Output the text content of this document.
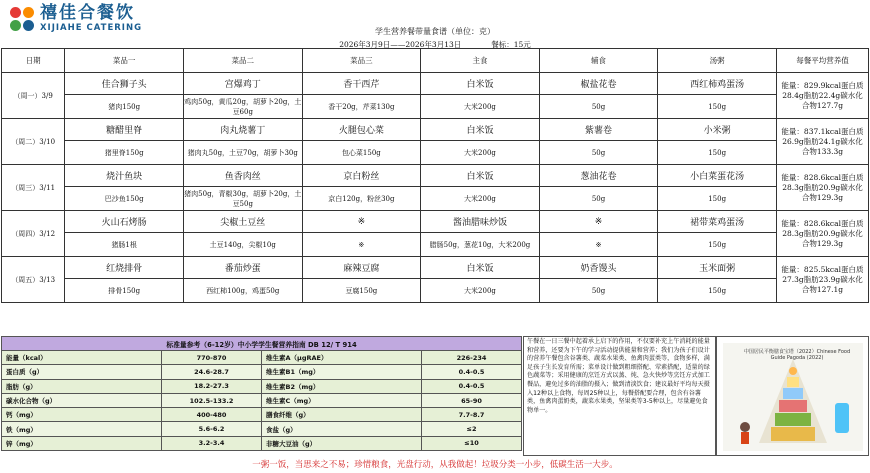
禧佳合餐饮
XIJIAHE CATERING	学生营养餐带量食谱（单位：克）
2026年3月9日——2026年3月13日	餐标：15元
日期	菜品一	菜品二	菜品三	主食	辅食	汤粥	每餐平均营养值
（周一）3/9	佳合狮子头	宫爆鸡丁	香干西芹	白米饭	椒盐花卷	西红柿鸡蛋汤	能量：829.9kcal蛋白质28.4g脂肪22.4g碳水化合物127.7g
	猪肉150g	鸡肉50g，黄瓜20g，胡萝卜20g，土豆60g	香干20g，芹菜130g	大米200g	50g	150g	
（周二）3/10	糖醋里脊	肉丸烧薯丁	火腿包心菜	白米饭	紫薯卷	小米粥	能量：837.1kcal蛋白质26.9g脂肪24.1g碳水化合物133.3g
	猪里脊150g	猪肉丸50g，土豆70g，胡萝卜30g	包心菜150g	大米200g	50g	150g	
（周三）3/11	烧汁鱼块	鱼香肉丝	京白粉丝	白米饭	葱油花卷	小白菜蛋花汤	能量：828.6kcal蛋白质28.3g脂肪20.9g碳水化合物129.3g
	巴沙鱼150g	猪肉50g，青椒30g，胡萝卜20g，土豆50g	京白120g，粉丝30g	大米200g	50g	150g	
（周四）3/12	火山石烤肠	尖椒土豆丝	※	酱油腊味炒饭	※	裙带菜鸡蛋汤	能量：828.6kcal蛋白质28.3g脂肪20.9g碳水化合物129.3g
	猪肠1根	土豆140g，尖椒10g	※	腊肠50g，葱花10g，大米200g	※	150g	
（周五）3/13	红烧排骨	番茄炒蛋	麻辣豆腐	白米饭	奶香馒头	玉米面粥	能量：825.5kcal蛋白质27.3g脂肪23.9g碳水化合物127.1g
	排骨150g	西红柿100g，鸡蛋50g	豆腐150g	大米200g	50g	150g	
标准量参考（6-12岁）中小学学生餐营养指南 DB 12/ T 914			
能量（kcal）	770-870	维生素A（μgRAE）	226-234
蛋白质（g）	24.6-28.7	维生素B1（mg）	0.4-0.5
脂肪（g）	18.2-27.3	维生素B2（mg）	0.4-0.5
碳水化合物（g）	102.5-133.2	维生素C（mg）	65-90
钙（mg）	400-480	膳食纤维（g）	7.7-8.7
铁（mg）	5.6-6.2	食盐（g）	≤2
锌（mg）	3.2-3.4	非糖大豆油（g）	≤10
午餐在一日三餐中起着承上启下的作用，不仅要补充上午消耗的能量和营养，还要为下午的学习活动提供能量和营养；我们为孩子们设计的营养午餐包含谷薯类、蔬菜水果类、鱼禽肉蛋类等，食物多样，满足孩子生长发育所需；菜单设计做到粗细搭配、荤素搭配，适量的绿色蔬菜等；采用健康的烹饪方式以蒸、炖、急火快炒等烹饪方式加工餐品，避免过多的油脂的摄入；做到清淡饮食；建议最好平均每天摄入12种以上食物，每周25种以上，每餐搭配要合理，包含有谷薯类，鱼禽肉蛋奶类，蔬菜水果类，坚果类等3-5种以上，尽量避免食物单一。
中国居民平衡膳食宝塔（2022）Chinese Food Guide Pagoda (2022)
一粥一饭，当思来之不易；珍惜粮食，光盘行动，从我做起！垃圾分类一小步，低碳生活一大步。
